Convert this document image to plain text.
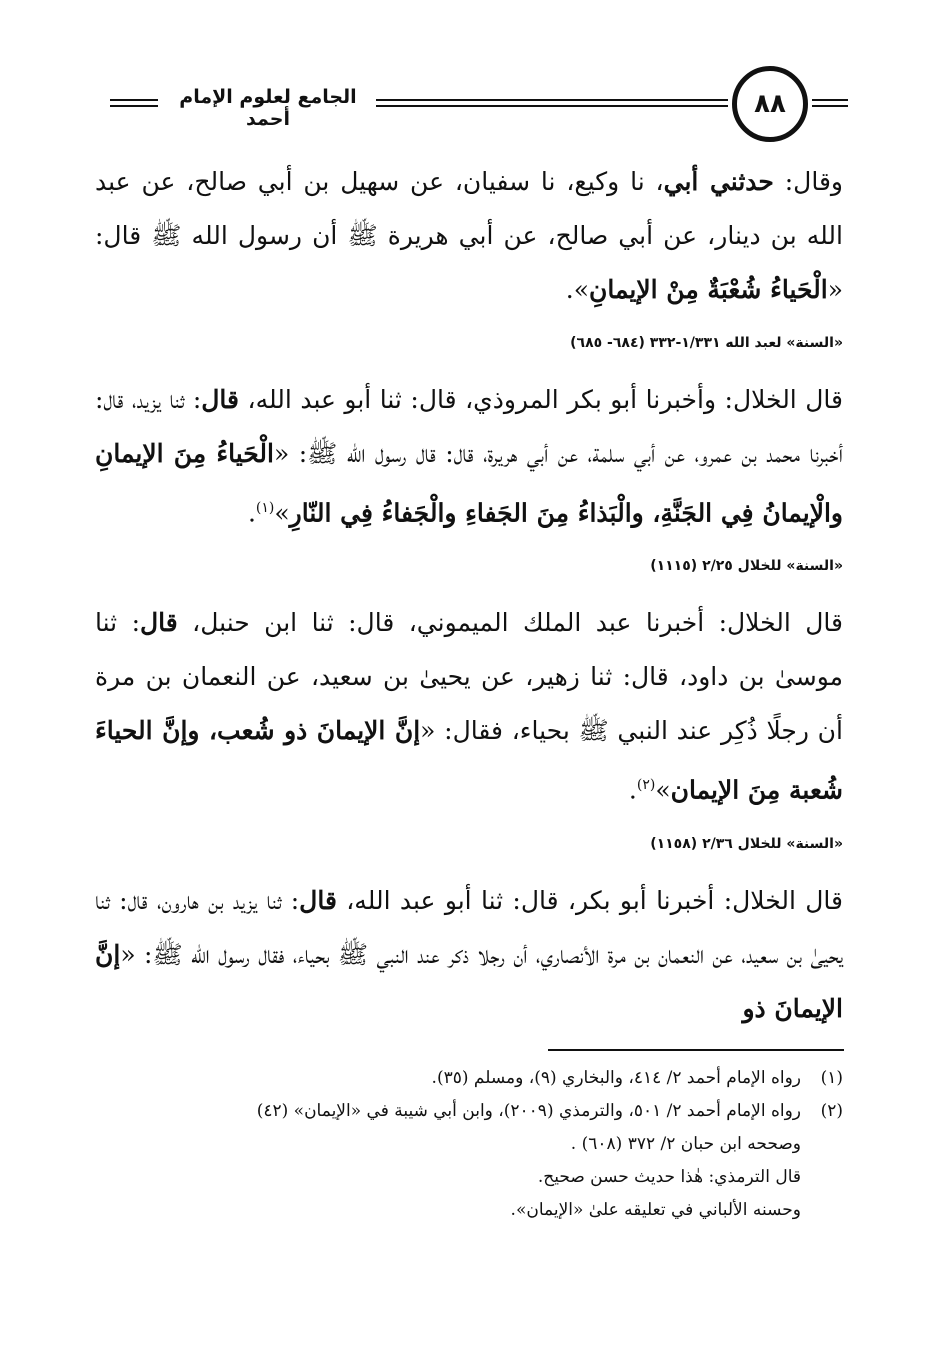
الجامع لعلوم الإمام أحمد	٨٨

وقال: حدثني أبي، نا وكيع، نا سفيان، عن سهيل بن أبي صالح، عن عبد الله بن دينار، عن أبي صالح، عن أبي هريرة ﷺ أن رسول الله ﷺ قال: «الْحَياءُ شُعْبَةٌ مِنْ الإيمانِ».

«السنة» لعبد الله ١/٣٣١-٣٣٢ (٦٨٤- ٦٨٥)

قال الخلال: وأخبرنا أبو بكر المروذي، قال: ثنا أبو عبد الله، قال: ثنا يزيد، قال: أخبرنا محمد بن عمرو، عن أبي سلمة، عن أبي هريرة، قال: قال رسول الله ﷺ: «الْحَياءُ مِنَ الإيمانِ والْإيمانُ فِي الجَنَّةِ، والْبَذاءُ مِنَ الجَفاءِ والْجَفاءُ فِي النّارِ»$^{(١)}$.

«السنة» للخلال ٢/٢٥ (١١١٥)

قال الخلال: أخبرنا عبد الملك الميموني، قال: ثنا ابن حنبل، قال: ثنا موسىٰ بن داود، قال: ثنا زهير، عن يحيىٰ بن سعيد، عن النعمان بن مرة أن رجلًا ذُكِر عند النبي ﷺ بحياء، فقال: «إنَّ الإيمانَ ذو شُعب، وإنَّ الحياءَ شُعبة مِنَ الإيمان»$^{(٢)}$.

«السنة» للخلال ٢/٣٦ (١١٥٨)

قال الخلال: أخبرنا أبو بكر، قال: ثنا أبو عبد الله، قال: ثنا يزيد بن هارون، قال: ثنا يحيىٰ بن سعيد، عن النعمان بن مرة الأنصاري، أن رجلا ذكر عند النبي ﷺ بحياء، فقال رسول الله ﷺ: «إنَّ الإيمانَ ذو

(١)رواه الإمام أحمد ٢/ ٤١٤، والبخاري (٩)، ومسلم (٣٥).

(٢)رواه الإمام أحمد ٢/ ٥٠١، والترمذي (٢٠٠٩)، وابن أبي شيبة في «الإيمان» (٤٢)

وصححه ابن حبان ٢/ ٣٧٢ (٦٠٨) .

قال الترمذي: هٰذا حديث حسن صحيح.

وحسنه الألباني في تعليقه علىٰ «الإيمان».
